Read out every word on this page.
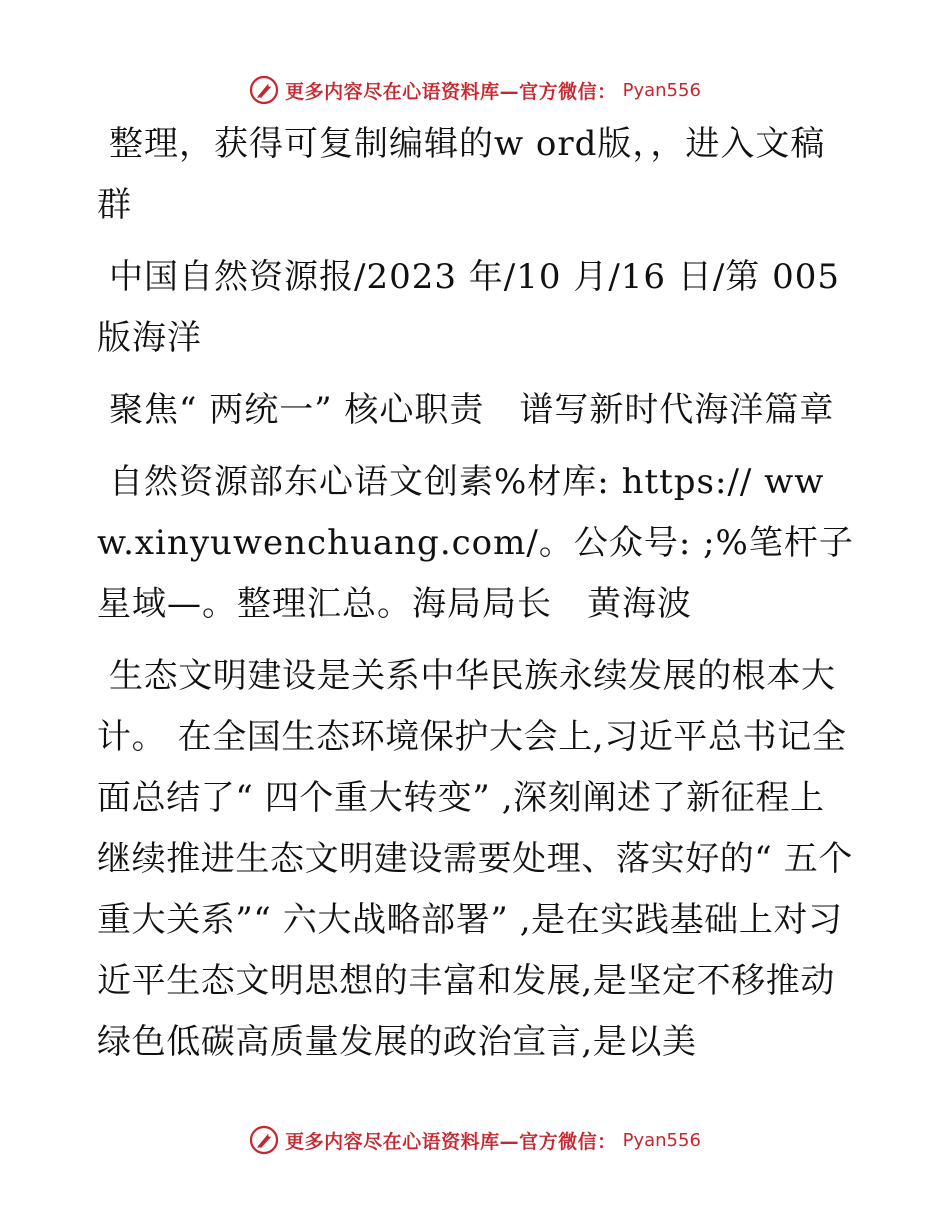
更多内容尽在心语资料库—官方微信： Pyan556

整理，获得可复制编辑的w ord版，，进入文稿群

中国自然资源报/2023 年/10 月/16 日/第 005 版海洋

聚焦“ 两统一” 核心职责　谱写新时代海洋篇章

自然资源部东心语文创素%材库: https:// www.xinyuwenchuang.com/。公众号: ;%笔杆子星域—。整理汇总。海局局长　黄海波

生态文明建设是关系中华民族永续发展的根本大计。 在全国生态环境保护大会上,习近平总书记全面总结了“ 四个重大转变” ,深刻阐述了新征程上继续推进生态文明建设需要处理、落实好的“ 五个重大关系”“ 六大战略部署” ,是在实践基础上对习近平生态文明思想的丰富和发展,是坚定不移推动绿色低碳高质量发展的政治宣言,是以美

更多内容尽在心语资料库—官方微信： Pyan556
